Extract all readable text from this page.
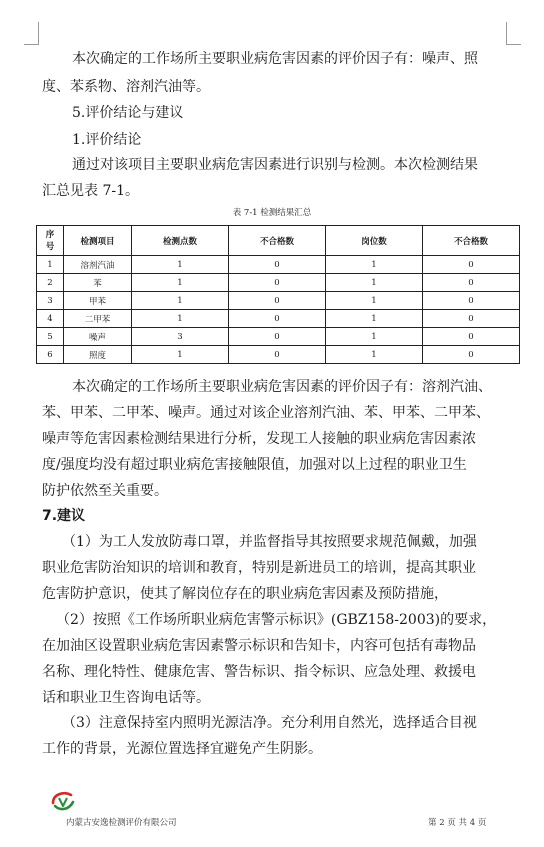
本次确定的工作场所主要职业病危害因素的评价因子有：噪声、照
度、苯系物、溶剂汽油等。
5.评价结论与建议
1.评价结论
通过对该项目主要职业病危害因素进行识别与检测。本次检测结果
汇总见表 7-1。
表 7-1 检测结果汇总
序
号	检测项目	检测点数	不合格数	岗位数	不合格数
1	溶剂汽油	1	0	1	0
2	苯	1	0	1	0
3	甲苯	1	0	1	0
4	二甲苯	1	0	1	0
5	噪声	3	0	1	0
6	照度	1	0	1	0
本次确定的工作场所主要职业病危害因素的评价因子有：溶剂汽油、
苯、甲苯、二甲苯、噪声。通过对该企业溶剂汽油、苯、甲苯、二甲苯、
噪声等危害因素检测结果进行分析，发现工人接触的职业病危害因素浓
度/强度均没有超过职业病危害接触限值，加强对以上过程的职业卫生
防护依然至关重要。
7.建议
（1）为工人发放防毒口罩，并监督指导其按照要求规范佩戴，加强
职业危害防治知识的培训和教育，特别是新进员工的培训，提高其职业
危害防护意识，使其了解岗位存在的职业病危害因素及预防措施，
（2）按照《工作场所职业病危害警示标识》(GBZ158-2003)的要求，
在加油区设置职业病危害因素警示标识和告知卡，内容可包括有毒物品
名称、理化特性、健康危害、警告标识、指令标识、应急处理、救援电
话和职业卫生咨询电话等。
（3）注意保持室内照明光源洁净。充分利用自然光，选择适合目视
工作的背景，光源位置选择宜避免产生阴影。
内蒙古安逸检测评价有限公司	第 2 页 共 4 页
